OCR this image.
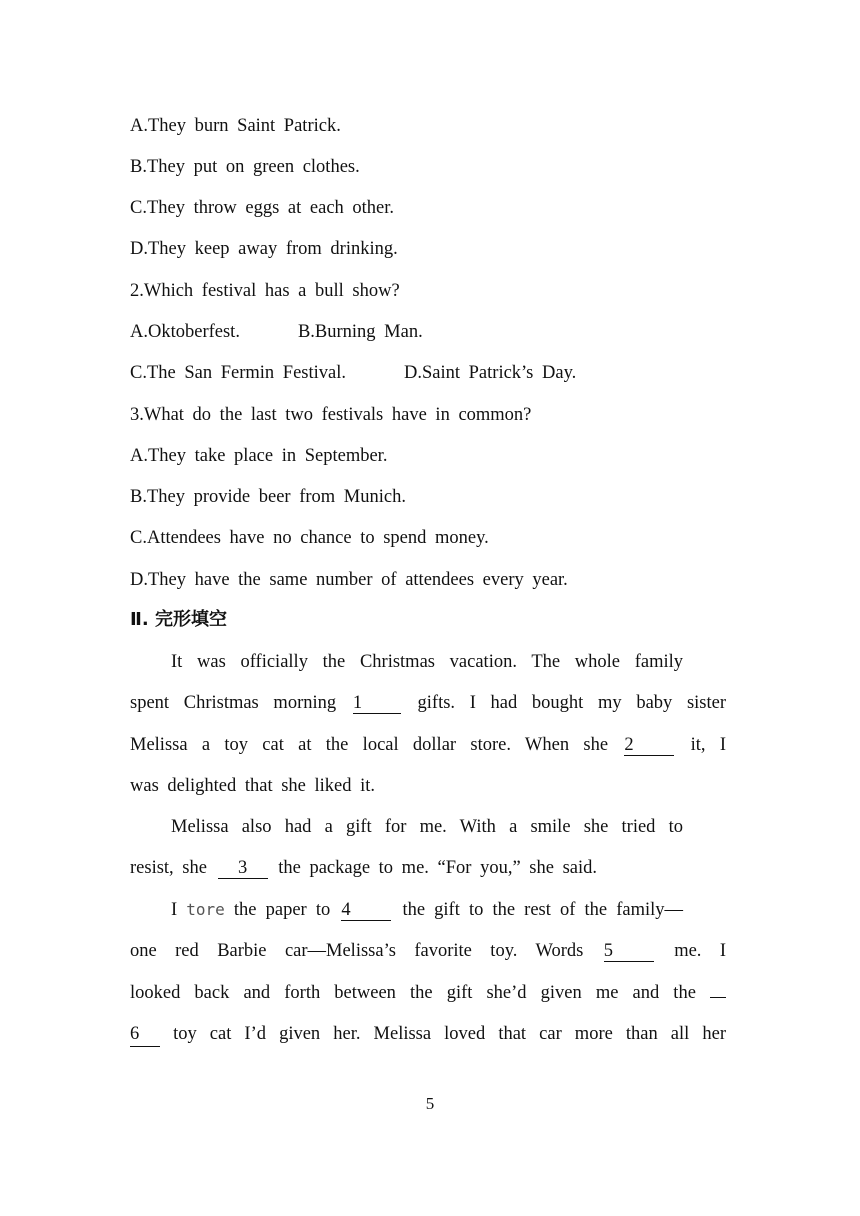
A.They burn Saint Patrick.
B.They put on green clothes.
C.They throw eggs at each other.
D.They keep away from drinking.
2.Which festival has a bull show?
A.Oktoberfest.	B.Burning Man.
C.The San Fermin Festival.	D.Saint Patrick’s Day.
3.What do the last two festivals have in common?
A.They take place in September.
B.They provide beer from Munich.
C.Attendees have no chance to spend money.
D.They have the same number of attendees every year.
Ⅱ. 完形填空
It was officially the Christmas vacation. The whole family
spent Christmas morning 1	gifts. I had bought my baby sister
Melissa a toy cat at the local dollar store. When she 2	it, I
was delighted that she liked it.
Melissa also had a gift for me. With a smile she tried to
resist, she 3 the package to me. “For you,” she said.
I tore the paper to 4	the gift to the rest of the family—
one red Barbie car—Melissa’s favorite toy. Words 5	me. I
looked back and forth between the gift she’d given me and the
6 toy cat I’d given her. Melissa loved that car more than all her
5
